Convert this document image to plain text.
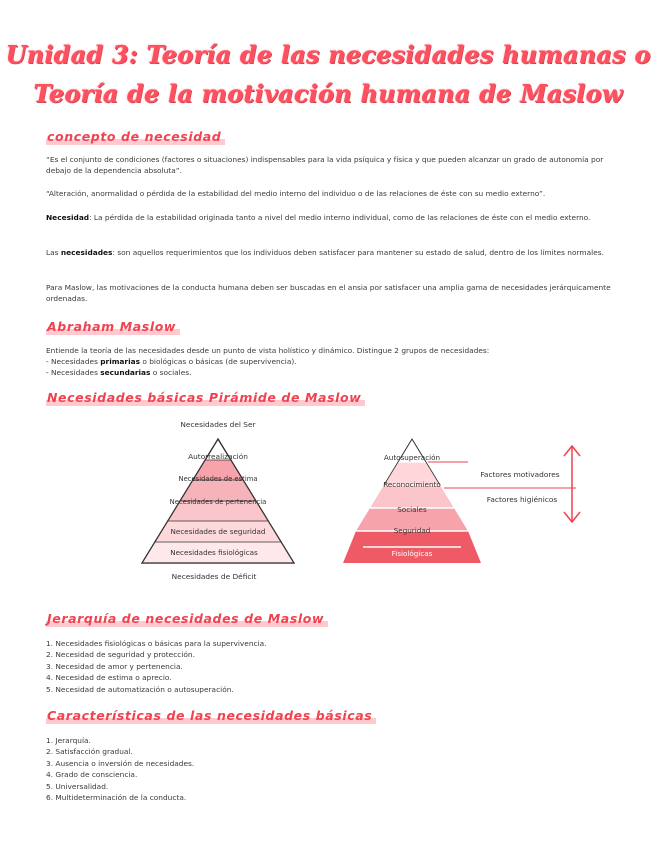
Unidad 3: Teoría de las necesidades humanas o
Teoría de la motivación humana de Maslow
concepto de necesidad
“Es el conjunto de condiciones (factores o situaciones) indispensables para la vida psíquica y física y que pueden alcanzar un grado de autonomía por debajo de la dependencia absoluta”.
“Alteración, anormalidad o pérdida de la estabilidad del medio interno del individuo o de las relaciones de éste con su medio externo”.
Necesidad: La pérdida de la estabilidad originada tanto a nivel del medio interno individual, como de las relaciones de éste con el medio externo.
Las necesidades: son aquellos requerimientos que los individuos deben satisfacer para mantener su estado de salud, dentro de los límites normales.
Para Maslow, las motivaciones de la conducta humana deben ser buscadas en el ansia por satisfacer una amplia gama de necesidades jerárquicamente ordenadas.
Abraham Maslow
Entiende la teoría de las necesidades desde un punto de vista holístico y dinámico. Distingue 2 grupos de necesidades:
- Necesidades primarias o biológicas o básicas (de supervivencia).
- Necesidades secundarias o sociales.
Necesidades básicas Pirámide de Maslow
Necesidades del Ser
Autorrealización
Necesidades de estima
Necesidades de pertenencia
Necesidades de seguridad
Necesidades fisiológicas
Necesidades de Déficit
Autosuperación
Reconocimiento
Sociales
Seguridad
Fisiológicas
Factores motivadores
Factores higiénicos
Jerarquía de necesidades de Maslow
1. Necesidades fisiológicas o básicas para la supervivencia.
2. Necesidad de seguridad y protección.
3. Necesidad de amor y pertenencia.
4. Necesidad de estima o aprecio.
5. Necesidad de automatización o autosuperación.
Características de las necesidades básicas
1. Jerarquía.
2. Satisfacción gradual.
3. Ausencia o inversión de necesidades.
4. Grado de consciencia.
5. Universalidad.
6. Multideterminación de la conducta.
